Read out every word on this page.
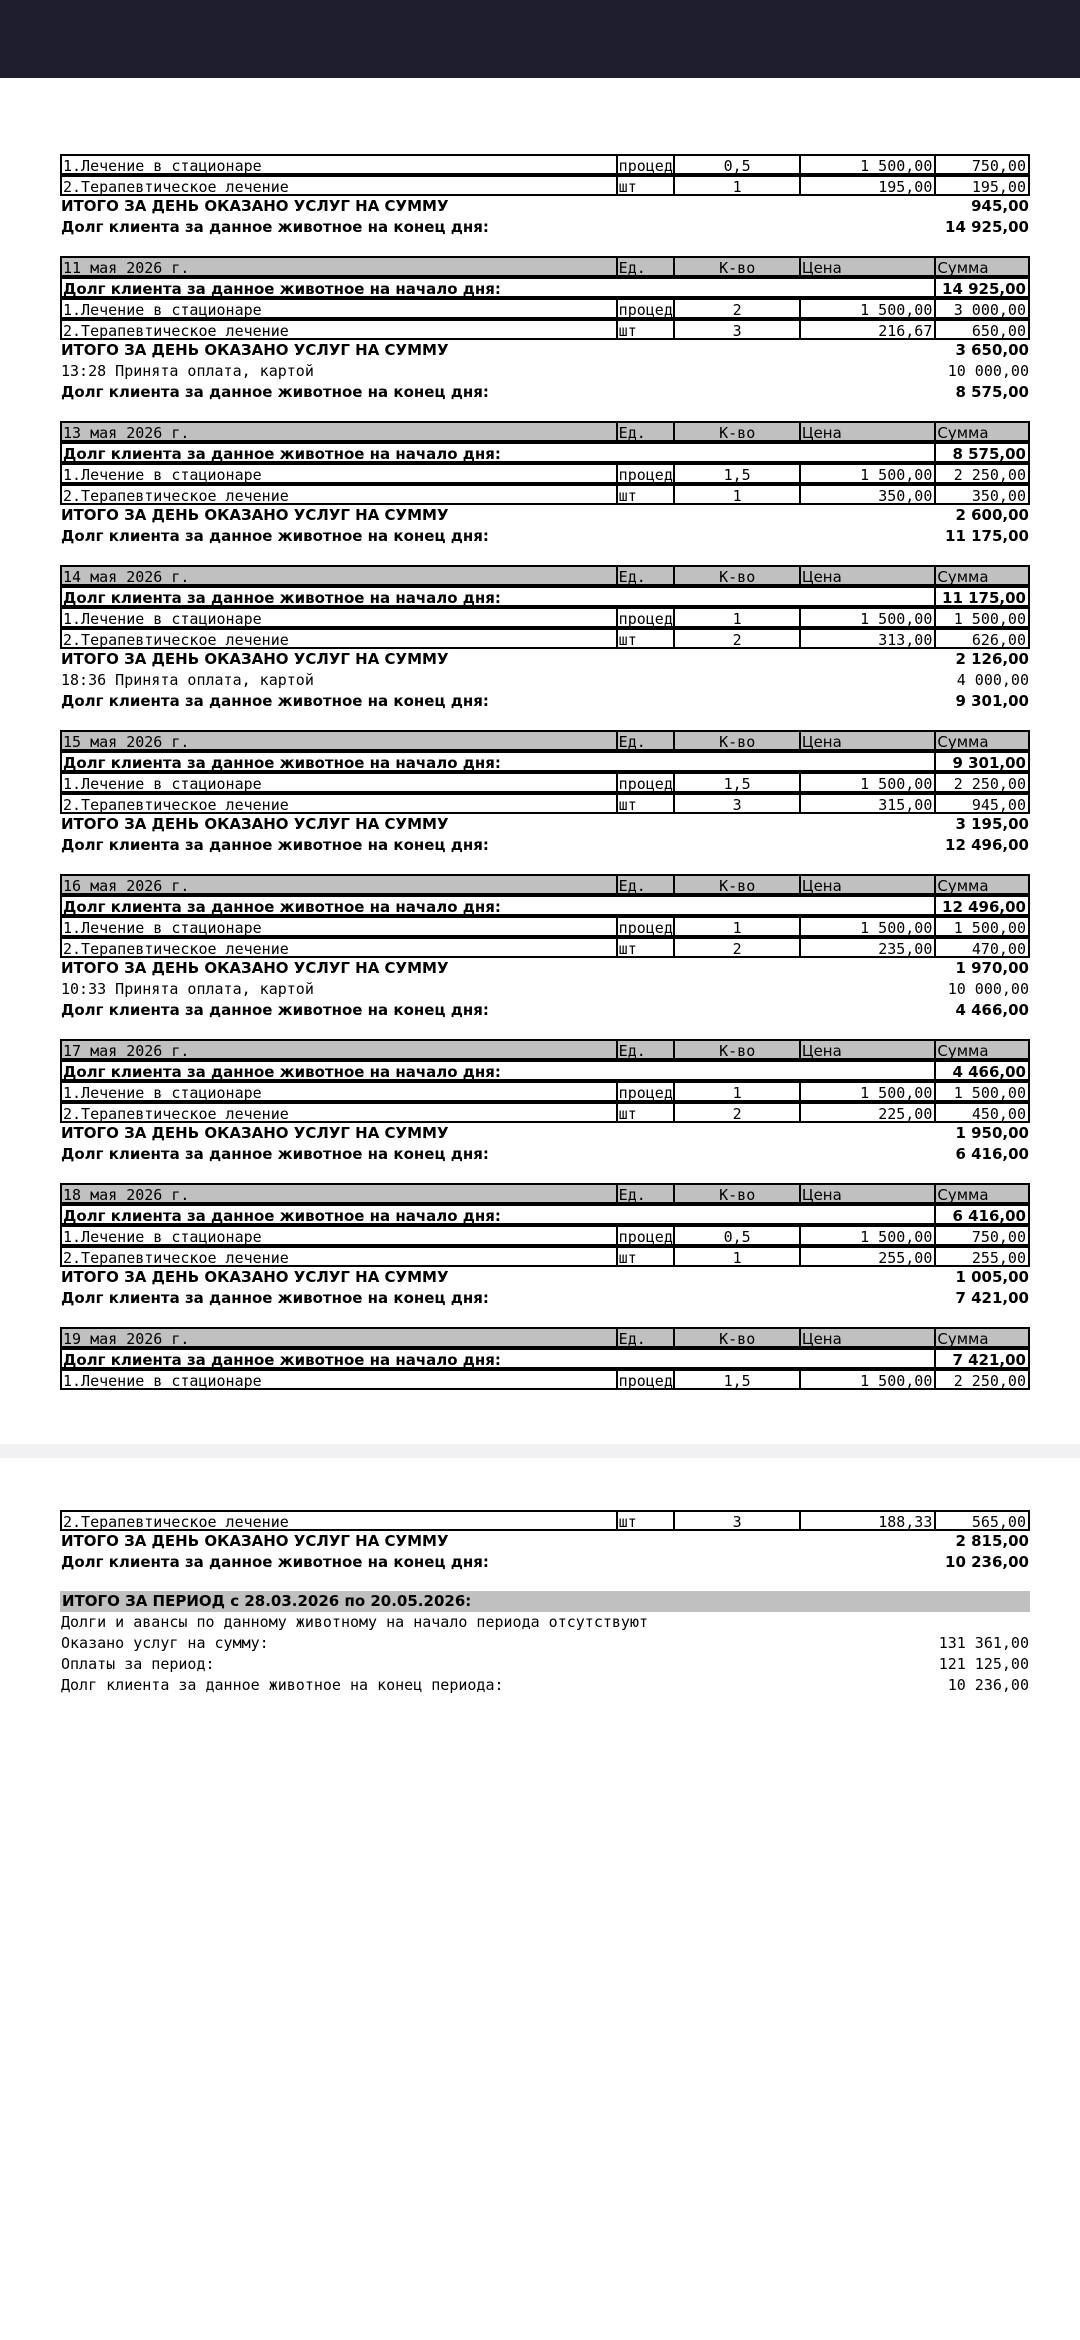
1.Лечение в стационаре	процед	0,5	1 500,00	750,00
2.Терапевтическое лечение	шт	1	195,00	195,00
ИТОГО ЗА ДЕНЬ ОКАЗАНО УСЛУГ НА СУММУ	945,00
Долг клиента за данное животное на конец дня:	14 925,00
11 мая 2026 г.	Ед.	К-во	Цена	Сумма
Долг клиента за данное животное на начало дня:	14 925,00
1.Лечение в стационаре	процед	2	1 500,00	3 000,00
2.Терапевтическое лечение	шт	3	216,67	650,00
ИТОГО ЗА ДЕНЬ ОКАЗАНО УСЛУГ НА СУММУ	3 650,00
13:28 Принята оплата, картой	10 000,00
Долг клиента за данное животное на конец дня:	8 575,00
13 мая 2026 г.	Ед.	К-во	Цена	Сумма
Долг клиента за данное животное на начало дня:	8 575,00
1.Лечение в стационаре	процед	1,5	1 500,00	2 250,00
2.Терапевтическое лечение	шт	1	350,00	350,00
ИТОГО ЗА ДЕНЬ ОКАЗАНО УСЛУГ НА СУММУ	2 600,00
Долг клиента за данное животное на конец дня:	11 175,00
14 мая 2026 г.	Ед.	К-во	Цена	Сумма
Долг клиента за данное животное на начало дня:	11 175,00
1.Лечение в стационаре	процед	1	1 500,00	1 500,00
2.Терапевтическое лечение	шт	2	313,00	626,00
ИТОГО ЗА ДЕНЬ ОКАЗАНО УСЛУГ НА СУММУ	2 126,00
18:36 Принята оплата, картой	4 000,00
Долг клиента за данное животное на конец дня:	9 301,00
15 мая 2026 г.	Ед.	К-во	Цена	Сумма
Долг клиента за данное животное на начало дня:	9 301,00
1.Лечение в стационаре	процед	1,5	1 500,00	2 250,00
2.Терапевтическое лечение	шт	3	315,00	945,00
ИТОГО ЗА ДЕНЬ ОКАЗАНО УСЛУГ НА СУММУ	3 195,00
Долг клиента за данное животное на конец дня:	12 496,00
16 мая 2026 г.	Ед.	К-во	Цена	Сумма
Долг клиента за данное животное на начало дня:	12 496,00
1.Лечение в стационаре	процед	1	1 500,00	1 500,00
2.Терапевтическое лечение	шт	2	235,00	470,00
ИТОГО ЗА ДЕНЬ ОКАЗАНО УСЛУГ НА СУММУ	1 970,00
10:33 Принята оплата, картой	10 000,00
Долг клиента за данное животное на конец дня:	4 466,00
17 мая 2026 г.	Ед.	К-во	Цена	Сумма
Долг клиента за данное животное на начало дня:	4 466,00
1.Лечение в стационаре	процед	1	1 500,00	1 500,00
2.Терапевтическое лечение	шт	2	225,00	450,00
ИТОГО ЗА ДЕНЬ ОКАЗАНО УСЛУГ НА СУММУ	1 950,00
Долг клиента за данное животное на конец дня:	6 416,00
18 мая 2026 г.	Ед.	К-во	Цена	Сумма
Долг клиента за данное животное на начало дня:	6 416,00
1.Лечение в стационаре	процед	0,5	1 500,00	750,00
2.Терапевтическое лечение	шт	1	255,00	255,00
ИТОГО ЗА ДЕНЬ ОКАЗАНО УСЛУГ НА СУММУ	1 005,00
Долг клиента за данное животное на конец дня:	7 421,00
19 мая 2026 г.	Ед.	К-во	Цена	Сумма
Долг клиента за данное животное на начало дня:	7 421,00
1.Лечение в стационаре	процед	1,5	1 500,00	2 250,00
2.Терапевтическое лечение	шт	3	188,33	565,00
ИТОГО ЗА ДЕНЬ ОКАЗАНО УСЛУГ НА СУММУ	2 815,00
Долг клиента за данное животное на конец дня:	10 236,00
ИТОГО ЗА ПЕРИОД с 28.03.2026 по 20.05.2026:
Долги и авансы по данному животному на начало периода отсутствуют
Оказано услуг на сумму:	131 361,00
Оплаты за период:	121 125,00
Долг клиента за данное животное на конец периода:	10 236,00
